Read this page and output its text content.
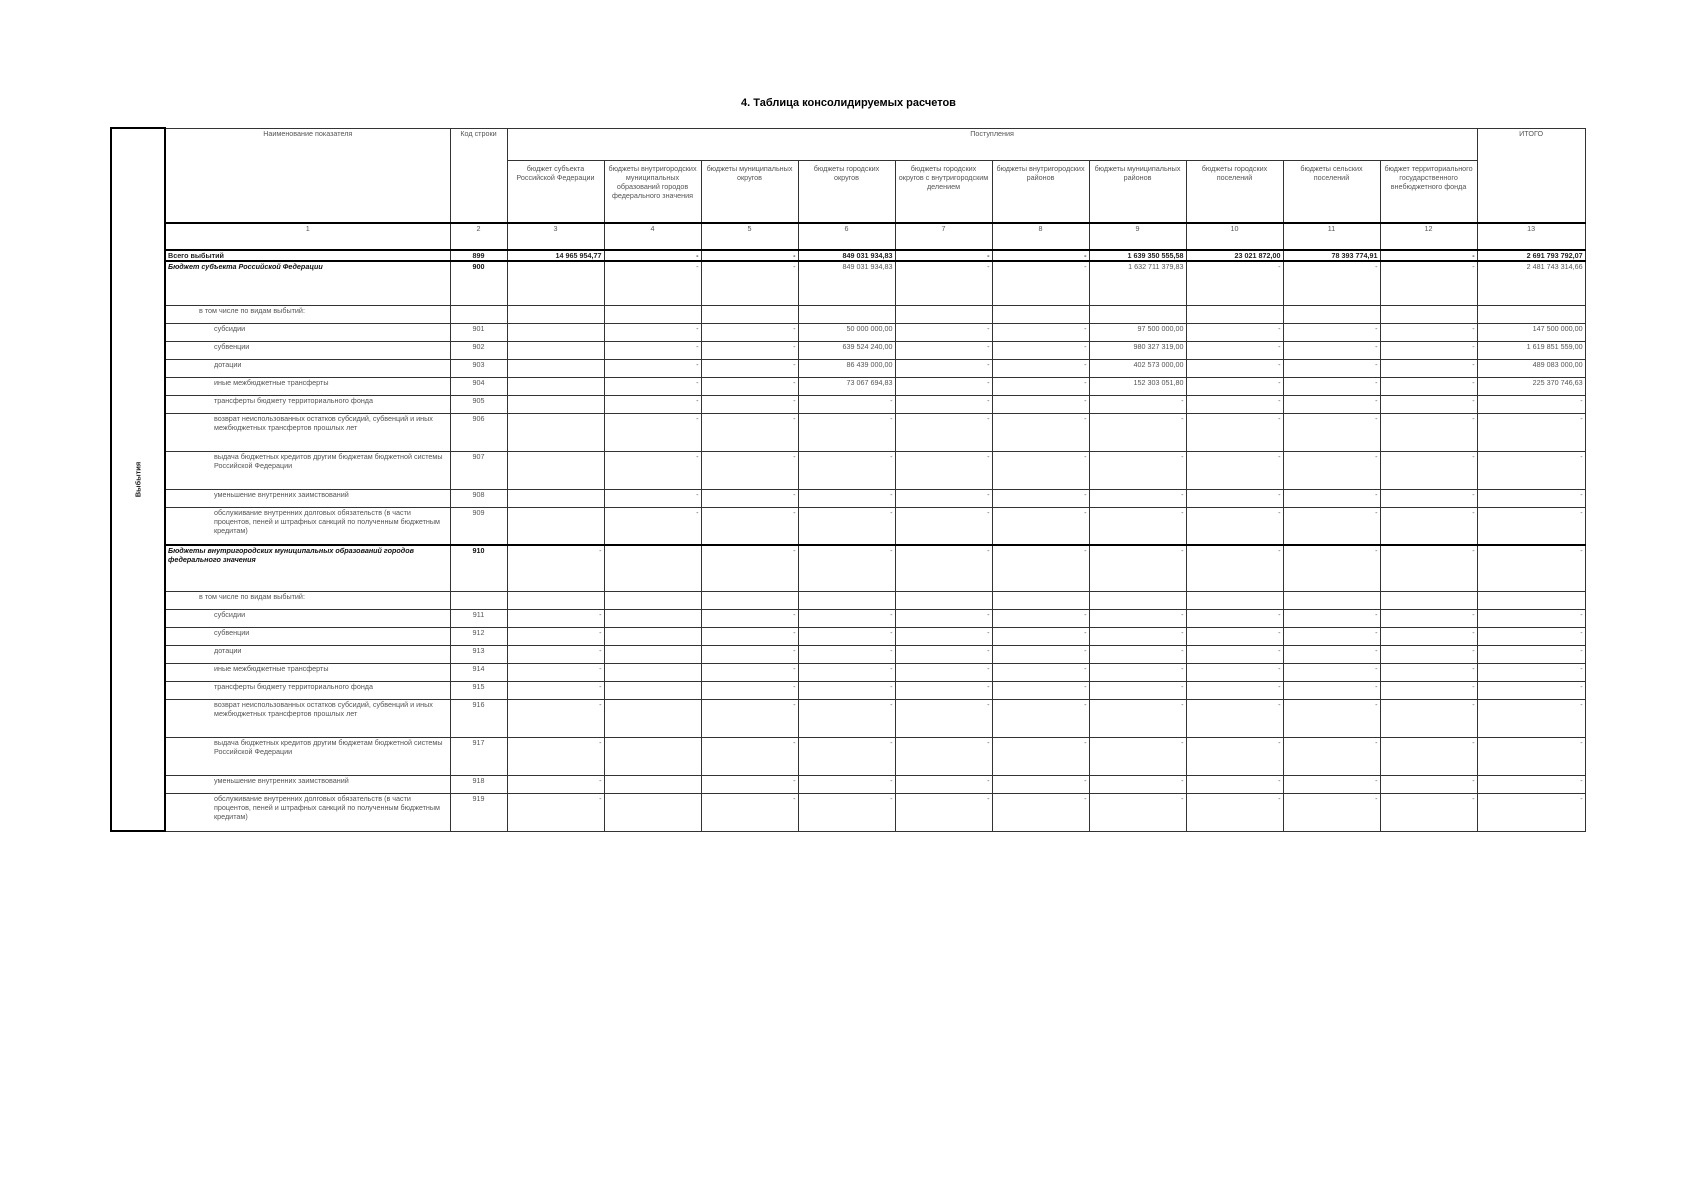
4. Таблица консолидируемых расчетов
Выбытия	Наименование показателя	Код строки	Поступления										ИТОГО
			бюджет субъекта Российской Федерации	бюджеты внутригородских муниципальных образований городов федерального значения	бюджеты муниципальных округов	бюджеты городских округов	бюджеты городских округов с внутригородским делением	бюджеты внутригородских районов	бюджеты муниципальных районов	бюджеты городских поселений	бюджеты сельских поселений	бюджет территориального государственного внебюджетного фонда	
	1	2	3	4	5	6	7	8	9	10	11	12	13
	Всего выбытий	899	14 965 954,77	-	-	849 031 934,83	-	-	1 639 350 555,58	23 021 872,00	78 393 774,91	-	2 691 793 792,07
	Бюджет субъекта Российской Федерации	900		-	-	849 031 934,83	-	-	1 632 711 379,83	-	-	-	2 481 743 314,66
	в том числе по видам выбытий:												
	субсидии	901		-	-	50 000 000,00	-	-	97 500 000,00	-	-	-	147 500 000,00
	субвенции	902		-	-	639 524 240,00	-	-	980 327 319,00	-	-	-	1 619 851 559,00
	дотации	903		-	-	86 439 000,00	-	-	402 573 000,00	-	-	-	489 083 000,00
	иные межбюджетные трансферты	904		-	-	73 067 694,83	-	-	152 303 051,80	-	-	-	225 370 746,63
	трансферты бюджету территориального фонда	905		-	-	-	-	-	-	-	-	-	-
	возврат неиспользованных остатков субсидий, субвенций и иных межбюджетных трансфертов прошлых лет	906		-	-	-	-	-	-	-	-	-	-
	выдача бюджетных кредитов другим бюджетам бюджетной системы Российской Федерации	907		-	-	-	-	-	-	-	-	-	-
	уменьшение внутренних заимствований	908		-	-	-	-	-	-	-	-	-	-
	обслуживание внутренних долговых обязательств (в части процентов, пеней и штрафных санкций по полученным бюджетным кредитам)	909		-	-	-	-	-	-	-	-	-	-
	Бюджеты внутригородских муниципальных образований городов федерального значения	910	-		-	-	-	-	-	-	-	-	-
	в том числе по видам выбытий:												
	субсидии	911	-		-	-	-	-	-	-	-	-	-
	субвенции	912	-		-	-	-	-	-	-	-	-	-
	дотации	913	-		-	-	-	-	-	-	-	-	-
	иные межбюджетные трансферты	914	-		-	-	-	-	-	-	-	-	-
	трансферты бюджету территориального фонда	915	-		-	-	-	-	-	-	-	-	-
	возврат неиспользованных остатков субсидий, субвенций и иных межбюджетных трансфертов прошлых лет	916	-		-	-	-	-	-	-	-	-	-
	выдача бюджетных кредитов другим бюджетам бюджетной системы Российской Федерации	917	-		-	-	-	-	-	-	-	-	-
	уменьшение внутренних заимствований	918	-		-	-	-	-	-	-	-	-	-
	обслуживание внутренних долговых обязательств (в части процентов, пеней и штрафных санкций по полученным бюджетным кредитам)	919	-		-	-	-	-	-	-	-	-	-
